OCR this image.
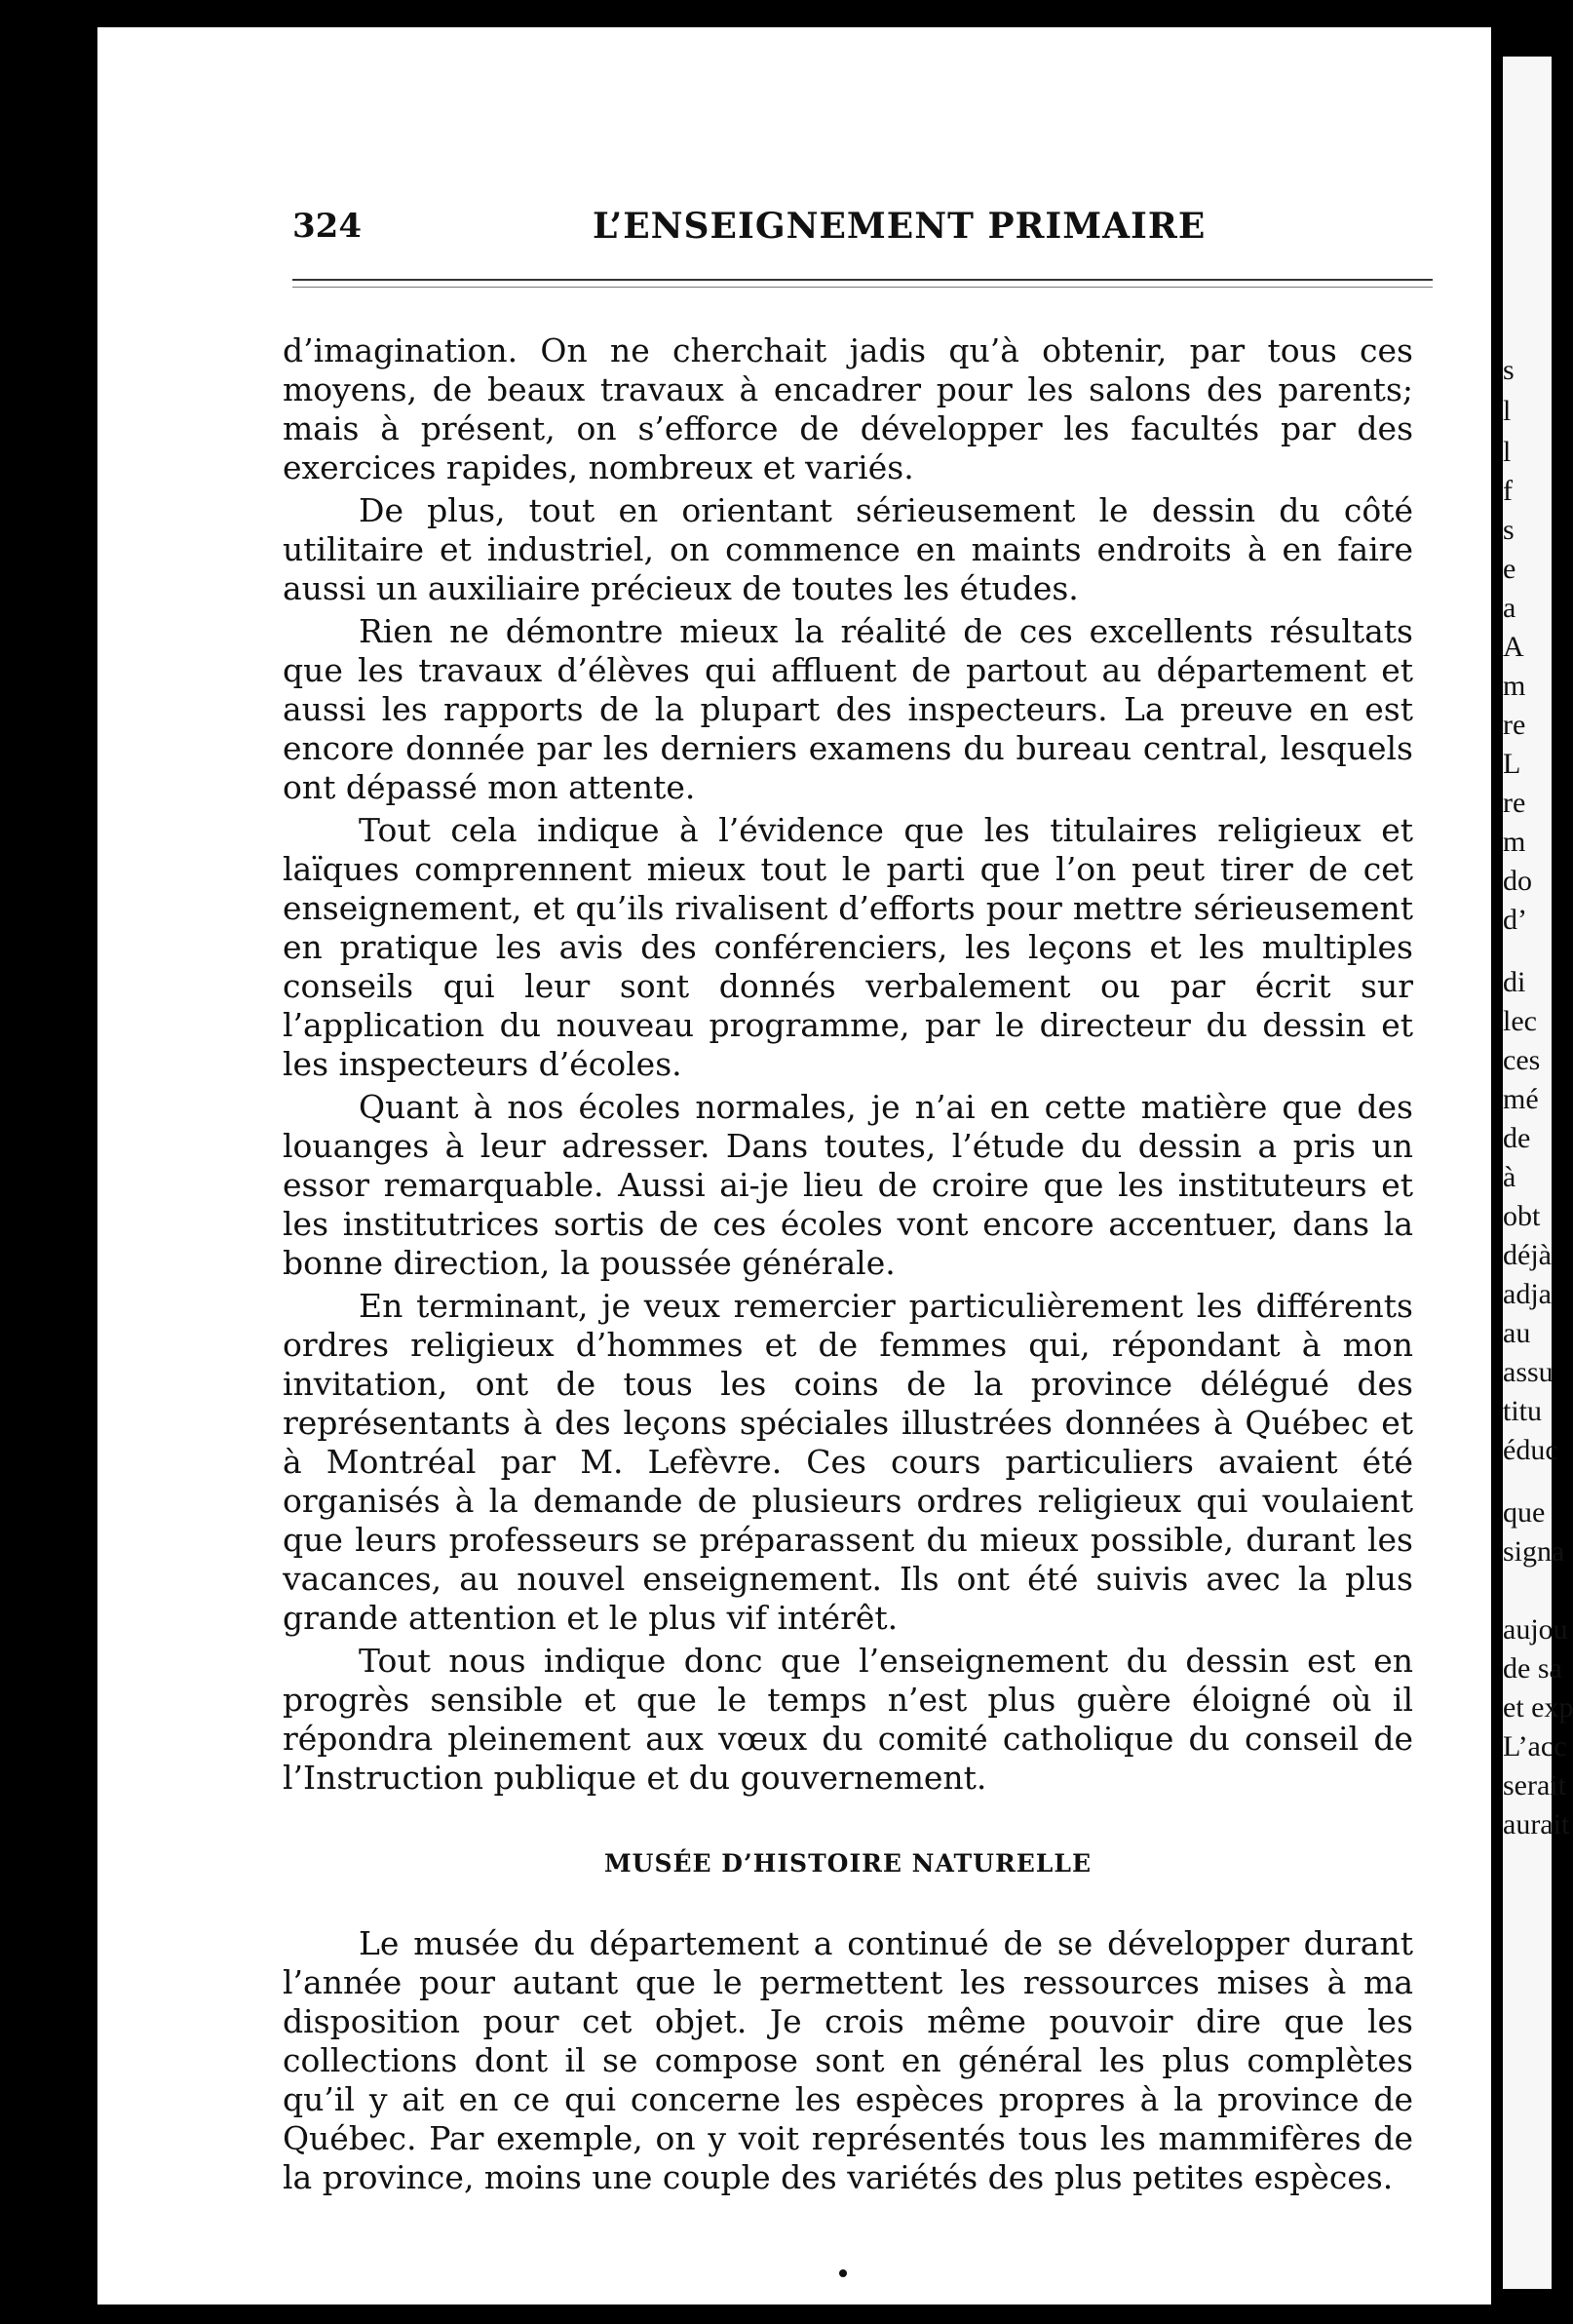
s
l
l
f
s
e
a
A
m
re
L
re
m
do
d’
di
lec
ces
mé
de
à
obt
déjà
adja
au
assu
titu
éduc
que
signa
aujou
de sa
et exp
L’acc
serait
aurait
324	L’ENSEIGNEMENT PRIMAIRE

d’imagination. On ne cherchait jadis qu’à obtenir, par tous ces moyens, de beaux travaux à encadrer pour les salons des parents; mais à présent, on s’efforce de développer les facultés par des exercices rapides, nombreux et variés.

De plus, tout en orientant sérieusement le dessin du côté utilitaire et industriel, on commence en maints endroits à en faire aussi un auxiliaire précieux de toutes les études.

Rien ne démontre mieux la réalité de ces excellents résultats que les travaux d’élèves qui affluent de partout au département et aussi les rapports de la plupart des inspecteurs. La preuve en est encore donnée par les derniers examens du bureau central, lesquels ont dépassé mon attente.

Tout cela indique à l’évidence que les titulaires religieux et laïques comprennent mieux tout le parti que l’on peut tirer de cet enseignement, et qu’ils rivalisent d’efforts pour mettre sérieusement en pratique les avis des conférenciers, les leçons et les multiples conseils qui leur sont donnés verbalement ou par écrit sur l’application du nouveau programme, par le directeur du dessin et les inspecteurs d’écoles.

Quant à nos écoles normales, je n’ai en cette matière que des louanges à leur adresser. Dans toutes, l’étude du dessin a pris un essor remarquable. Aussi ai-je lieu de croire que les instituteurs et les institutrices sortis de ces écoles vont encore accentuer, dans la bonne direction, la poussée générale.

En terminant, je veux remercier particulièrement les différents ordres religieux d’hommes et de femmes qui, répondant à mon invitation, ont de tous les coins de la province délégué des représentants à des leçons spéciales illustrées données à Québec et à Montréal par M. Lefèvre. Ces cours particuliers avaient été organisés à la demande de plusieurs ordres religieux qui voulaient que leurs professeurs se préparassent du mieux possible, durant les vacances, au nouvel enseignement. Ils ont été suivis avec la plus grande attention et le plus vif intérêt.

Tout nous indique donc que l’enseignement du dessin est en progrès sensible et que le temps n’est plus guère éloigné où il répondra pleinement aux vœux du comité catholique du conseil de l’Instruction publique et du gouvernement.

MUSÉE D’HISTOIRE NATURELLE

Le musée du département a continué de se développer durant l’année pour autant que le permettent les ressources mises à ma disposition pour cet objet. Je crois même pouvoir dire que les collections dont il se compose sont en général les plus complètes qu’il y ait en ce qui concerne les espèces propres à la province de Québec. Par exemple, on y voit représentés tous les mammifères de la province, moins une couple des variétés des plus petites espèces.
